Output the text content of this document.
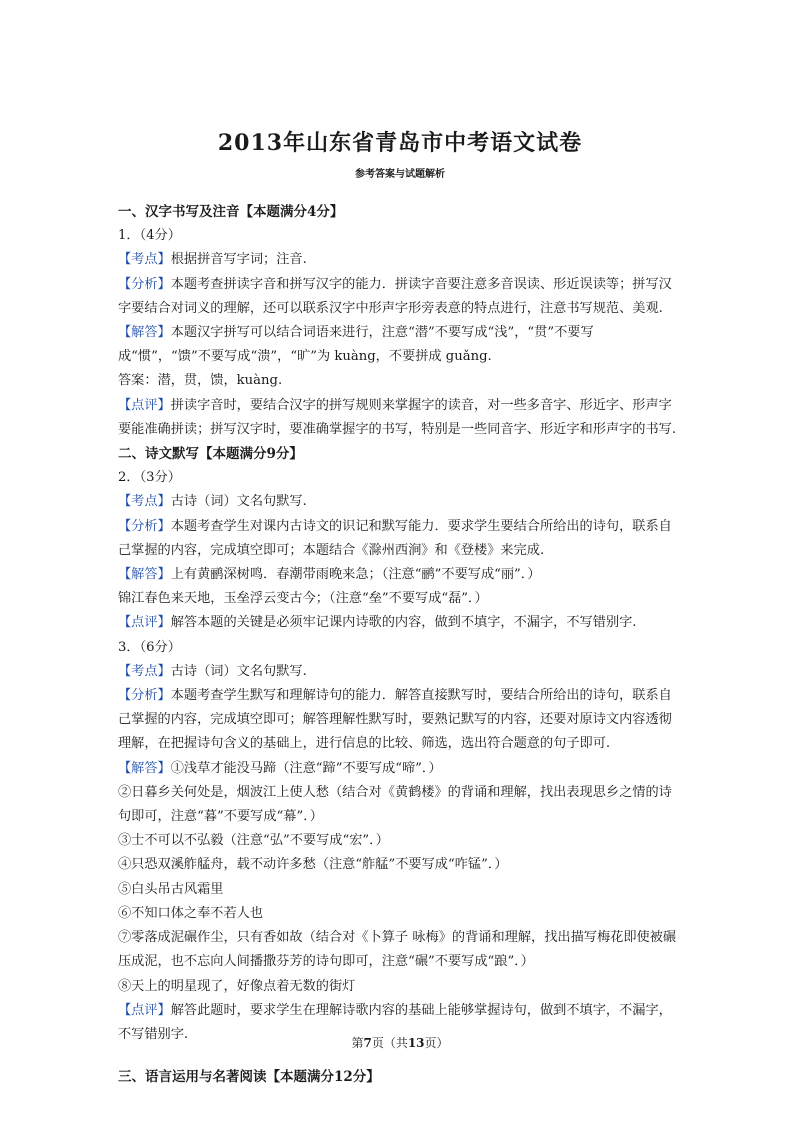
2013年山东省青岛市中考语文试卷
参考答案与试题解析

一、汉字书写及注音【本题满分4分】

1．（4分）

【考点】根据拼音写字词；注音.

【分析】本题考查拼读字音和拼写汉字的能力．拼读字音要注意多音误读、形近误读等；拼写汉字要结合对词义的理解，还可以联系汉字中形声字形旁表意的特点进行，注意书写规范、美观.

【解答】本题汉字拼写可以结合词语来进行，注意“潜”不要写成“浅”，“贯”不要写成“惯”，“馈”不要写成“溃”，“旷”为 kuàng，不要拼成 guǎng.

答案：潜，贯，馈，kuàng.

【点评】拼读字音时，要结合汉字的拼写规则来掌握字的读音，对一些多音字、形近字、形声字要能准确拼读；拼写汉字时，要准确掌握字的书写，特别是一些同音字、形近字和形声字的书写.

二、诗文默写【本题满分9分】

2．（3分）

【考点】古诗（词）文名句默写.

【分析】本题考查学生对课内古诗文的识记和默写能力．要求学生要结合所给出的诗句，联系自己掌握的内容，完成填空即可；本题结合《滁州西涧》和《登楼》来完成.

【解答】上有黄鹂深树鸣．春潮带雨晚来急；（注意“鹂”不要写成“丽”．）

锦江春色来天地，玉垒浮云变古今；（注意“垒”不要写成“磊”．）

【点评】解答本题的关键是必须牢记课内诗歌的内容，做到不填字，不漏字，不写错别字.

3．（6分）

【考点】古诗（词）文名句默写.

【分析】本题考查学生默写和理解诗句的能力．解答直接默写时，要结合所给出的诗句，联系自己掌握的内容，完成填空即可；解答理解性默写时，要熟记默写的内容，还要对原诗文内容透彻理解，在把握诗句含义的基础上，进行信息的比较、筛选，选出符合题意的句子即可.

【解答】①浅草才能没马蹄（注意“蹄”不要写成“啼”．）

②日暮乡关何处是，烟波江上使人愁（结合对《黄鹤楼》的背诵和理解，找出表现思乡之情的诗句即可，注意“暮”不要写成“幕”．）

③士不可以不弘毅（注意“弘”不要写成“宏”．）

④只恐双溪舴艋舟，载不动许多愁（注意“舴艋”不要写成“咋锰”．）

⑤白头吊古风霜里

⑥不知口体之奉不若人也

⑦零落成泥碾作尘，只有香如故（结合对《卜算子 咏梅》的背诵和理解，找出描写梅花即使被碾压成泥，也不忘向人间播撒芬芳的诗句即可，注意“碾”不要写成“踉”．）

⑧天上的明星现了，好像点着无数的街灯

【点评】解答此题时，要求学生在理解诗歌内容的基础上能够掌握诗句，做到不填字，不漏字，不写错别字.

三、语言运用与名著阅读【本题满分12分】

第7页（共13页）
